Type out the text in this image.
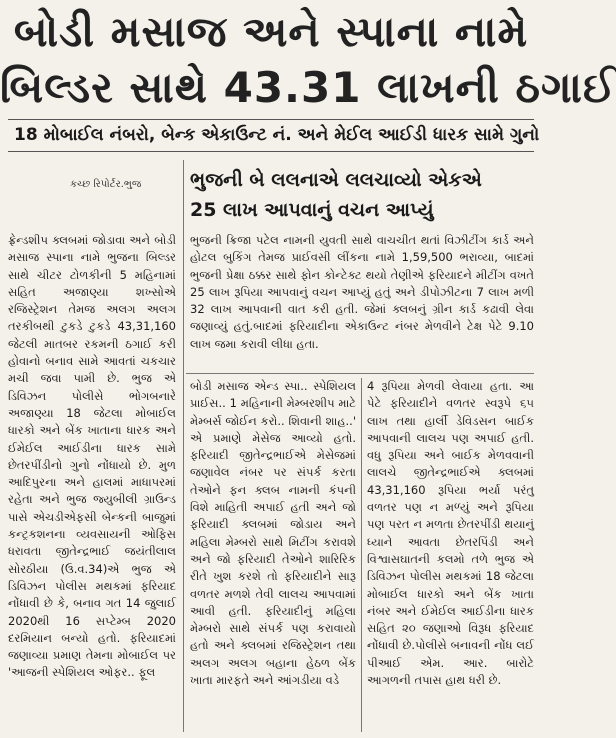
બોડી મસાજ અને સ્પાના નામે
બિલ્ડર સાથે 43.31 લાખની ઠગાઈ
18 મોબાઈલ નંબરો, બેન્ક એકાઉન્ટ નં. અને મેઈલ આઈડી ધારક સામે ગુનો
કચ્છ રિપોર્ટર.ભુજ	ભુજની બે લલનાએ લલચાવ્યો એકએ
25 લાખ આપવાનું વચન આપ્યું
ફ્રેન્ડશીપ ક્લબમાં જોડાવા અને બોડી મસાજ સ્પાના નામે ભુજના બિલ્ડર સાથે ચીટર ટોળકીની 5 મહિનામાં સહિત અજાણ્યા શખ્સોએ રજિસ્ટ્રેશન તેમજ અલગ અલગ તરકીબથી ટુકડે ટુકડે 43,31,160 જેટલી માતબર રકમની ઠગાઈ કરી હોવાનો બનાવ સામે આવતાં ચકચાર મચી જવા પામી છે. ભુજ એ ડિવિઝન પોલીસે ભોગબનારે અજાણ્યા 18 જેટલા મોબાઈલ ધારકો અને બેંક ખાતાના ધારક અને ઈમેઈલ આઈડીના ધારક સામે છેતરપીંડીનો ગુનો નોંધાયો છે. મુળ આદિપુરના અને હાલમાં માધાપરમાં રહેતા અને ભુજ જ્યુબીલી ગ્રાઉન્ડ પાસે એચડીએફસી બેન્કની બાજુમાં કન્ટ્રકશનના વ્યવસાયની ઓફિસ ધરાવતા જીતેન્દ્રભાઈ જયંતીલાલ સોરઠીયા (ઉ.વ.34)એ ભુજ એ ડિવિઝન પોલીસ મથકમાં ફરિયાદ નોંધાવી છે કે, બનાવ ગત 14 જુલાઈ 2020થી 16 સપ્ટેમ્બ 2020 દરમિયાન બન્યો હતો. ફરિયાદમાં જણાવ્યા પ્રમાણ તેમના મોબાઈલ પર 'આજની સ્પેશિયલ ઓફર.. ફૂલ
ભુજની ક્રિજા પટેલ નામની યુવતી સાથે વાચચીત થતાં વિઝીટીંગ કાર્ડ અને હોટલ બુકિંગ તેમજ પ્રાઈવસી લીંકના નામે 1,59,500 ભરાવ્યા, બાદમાં ભુજની પ્રેક્ષા ઠક્કર સાથે ફોન કોન્ટેક્ટ થયો તેણીએ ફરિયાદને મીટીંગ વખતે 25 લાખ રૂપિયા આપવાનું વચન આપ્યું હતું અને ડીપોઝીટના 7 લાખ મળી 32 લાખ આપવાની વાત કરી હતી. જેમાં ક્લબનું ગ્રીન કાર્ડ કઢાવી લેવા જણાવ્યું હતું.બાદમાં ફરિયાદીના એકાઉન્ટ નંબર મેળવીને ટેક્ષ પેટે 9.10 લાખ જમા કરાવી લીધા હતા.
બોડી મસાજ એન્ડ સ્પા.. સ્પેશિયલ પ્રાઈસ.. 1 મહિનાની મેમ્બરશીપ માટે મેમ્બર્સ જોઈન કરો.. શિવાની શાહ..' એ પ્રમાણે મેસેજ આવ્યો હતો. ફરિયાદી જીતેન્દ્રભાઈએ મેસેજમાં જણાવેલ નંબર પર સંપર્ક કરતા તેઓને ફન ક્લબ નામની કંપની વિશે માહિતી અપાઈ હતી અને જો ફરિયાદી ક્લબમાં જોડાય અને મહિલા મેમ્બરો સાથે મિટીંગ કરાવશે અને જો ફરિયાદી તેઓને શારિરિક રીતે ખુશ કરશે તો ફરિયાદીને સારૂ વળતર મળશે તેવી લાલચ આપવામાં આવી હતી. ફરિયાદીનું મહિલા મેમ્બરો સાથે સંપર્ક પણ કરાવાયો હતો અને ક્લબમાં રજિસ્ટ્રેશન તથા અલગ અલગ બહાના હેઠળ બેંક ખાતા મારફતે અને આંગડીયા વડે
4 રૂપિયા મેળવી લેવાયા હતા. આ પેટે ફરિયાદીને વળતર સ્વરૂપે ૬૫ લાખ તથા હાર્લી ડેવિડસન બાઈક આપવાની લાલચ પણ અપાઈ હતી. વધુ રૂપિયા અને બાઈક મેળવવાની લાલચે જીતેન્દ્રભાઈએ ક્લબમાં 43,31,160 રૂપિયા ભર્યા પરંતુ વળતર પણ ન મળ્યું અને રૂપિયા પણ પરત ન મળતા છેતરપીંડી થયાનું ધ્યાને આવતા છેતરપિંડી અને વિશ્વાસઘાતની કલમો તળે ભુજ એ ડિવિઝન પોલીસ મથકમાં 18 જેટલા મોબાઈલ ધારકો અને બેંક ખાતા નંબર અને ઈમેઈલ આઈડીના ધારક સહિત ૨૦ જણાઓ વિરૂધ ફરિયાદ નોંધાવી છે.પોલીસે બનાવની નોંધ લઈ પીઆઈ એમ. આર. બારોટે આગળની તપાસ હાથ ધરી છે.
